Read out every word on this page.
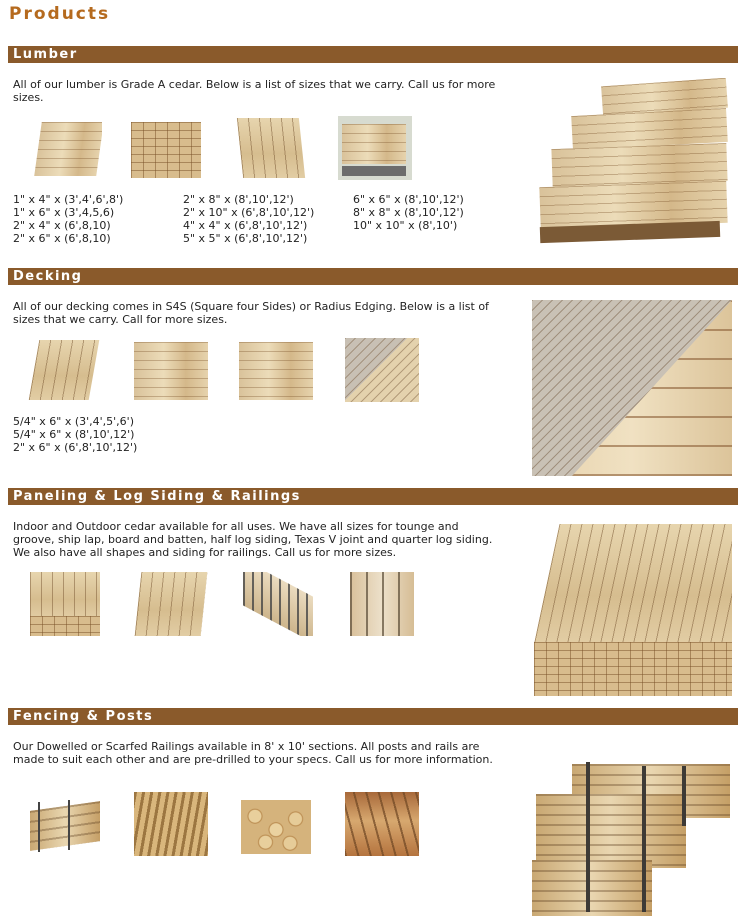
Products
Lumber

All of our lumber is Grade A cedar. Below is a list of sizes that we carry. Call us for more sizes.

1" x 4" x (3',4',6',8')
1" x 6" x (3',4,5,6)
2" x 4" x (6',8,10)
2" x 6" x (6',8,10)
2" x 8" x (8',10',12')
2" x 10" x (6',8',10',12')
4" x 4" x (6',8',10',12')
5" x 5" x (6',8',10',12')
6" x 6" x (8',10',12')
8" x 8" x (8',10',12')
10" x 10" x (8',10')
Decking

All of our decking comes in S4S (Square four Sides) or Radius Edging. Below is a list of sizes that we carry. Call for more sizes.

5/4" x 6" x (3',4',5',6')
5/4" x 6" x (8',10',12')
2" x 6" x (6',8',10',12')
Paneling & Log Siding & Railings

Indoor and Outdoor cedar available for all uses. We have all sizes for tounge and groove, ship lap, board and batten, half log siding, Texas V joint and quarter log siding. We also have all shapes and siding for railings. Call us for more sizes.

Fencing & Posts

Our Dowelled or Scarfed Railings available in 8' x 10' sections. All posts and rails are made to suit each other and are pre-drilled to your specs. Call us for more information.
